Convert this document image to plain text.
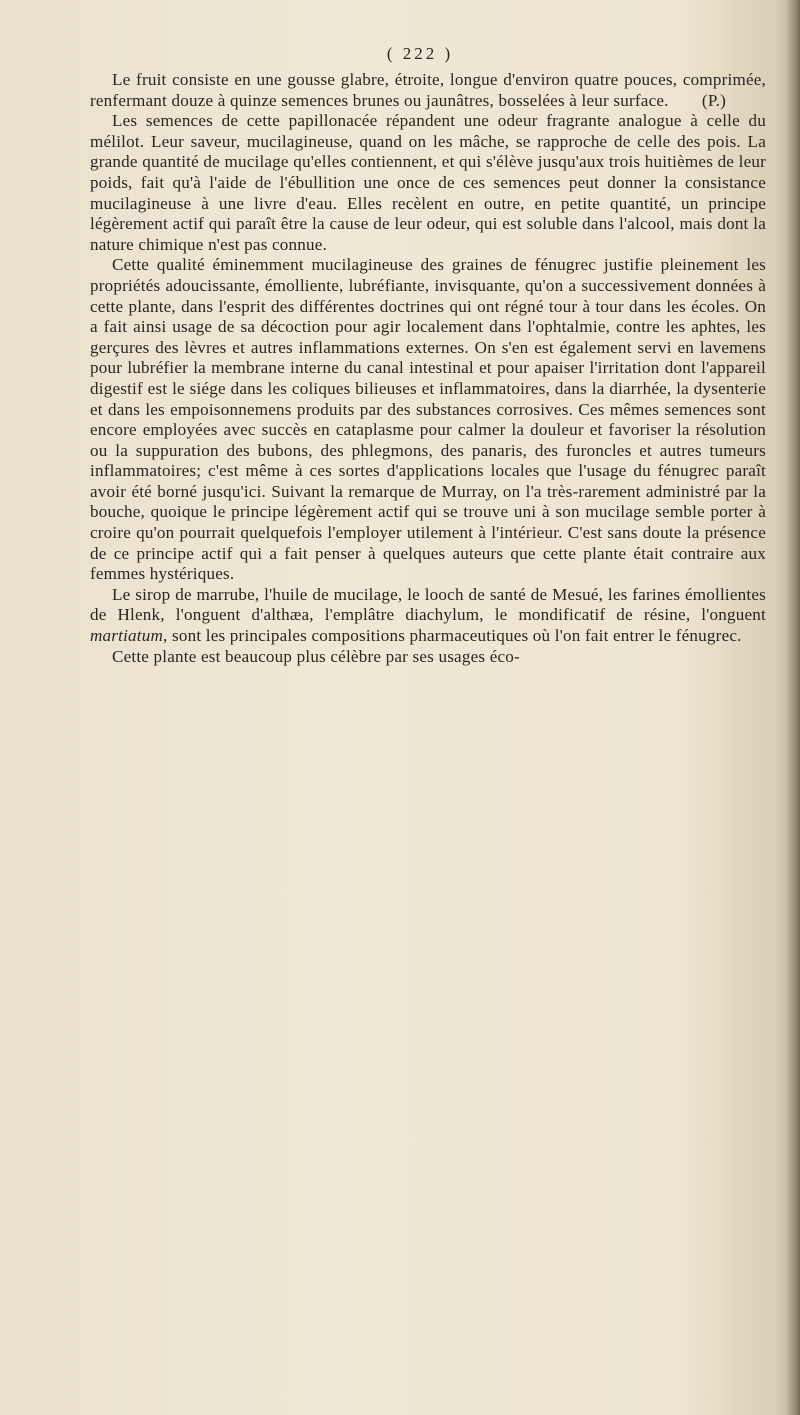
( 222 )

Le fruit consiste en une gousse glabre, étroite, longue d'environ quatre pouces, comprimée, renfermant douze à quinze semences brunes ou jaunâtres, bosselées à leur surface.	(P.)

Les semences de cette papillonacée répandent une odeur fragrante analogue à celle du mélilot. Leur saveur, mucilagineuse, quand on les mâche, se rapproche de celle des pois. La grande quantité de mucilage qu'elles contiennent, et qui s'élève jusqu'aux trois huitièmes de leur poids, fait qu'à l'aide de l'ébullition une once de ces semences peut donner la consistance mucilagineuse à une livre d'eau. Elles recèlent en outre, en petite quantité, un principe légèrement actif qui paraît être la cause de leur odeur, qui est soluble dans l'alcool, mais dont la nature chimique n'est pas connue.

Cette qualité éminemment mucilagineuse des graines de fénugrec justifie pleinement les propriétés adoucissante, émolliente, lubréfiante, invisquante, qu'on a successivement données à cette plante, dans l'esprit des différentes doctrines qui ont régné tour à tour dans les écoles. On a fait ainsi usage de sa décoction pour agir localement dans l'ophtalmie, contre les aphtes, les gerçures des lèvres et autres inflammations externes. On s'en est également servi en lavemens pour lubréfier la membrane interne du canal intestinal et pour apaiser l'irritation dont l'appareil digestif est le siége dans les coliques bilieuses et inflammatoires, dans la diarrhée, la dysenterie et dans les empoisonnemens produits par des substances corrosives. Ces mêmes semences sont encore employées avec succès en cataplasme pour calmer la douleur et favoriser la résolution ou la suppuration des bubons, des phlegmons, des panaris, des furoncles et autres tumeurs inflammatoires; c'est même à ces sortes d'applications locales que l'usage du fénugrec paraît avoir été borné jusqu'ici. Suivant la remarque de Murray, on l'a très-rarement administré par la bouche, quoique le principe légèrement actif qui se trouve uni à son mucilage semble porter à croire qu'on pourrait quelquefois l'employer utilement à l'intérieur. C'est sans doute la présence de ce principe actif qui a fait penser à quelques auteurs que cette plante était contraire aux femmes hystériques.

Le sirop de marrube, l'huile de mucilage, le looch de santé de Mesué, les farines émollientes de Hlenk, l'onguent d'althæa, l'emplâtre diachylum, le mondificatif de résine, l'onguent martiatum, sont les principales compositions pharmaceutiques où l'on fait entrer le fénugrec.

Cette plante est beaucoup plus célèbre par ses usages éco-
